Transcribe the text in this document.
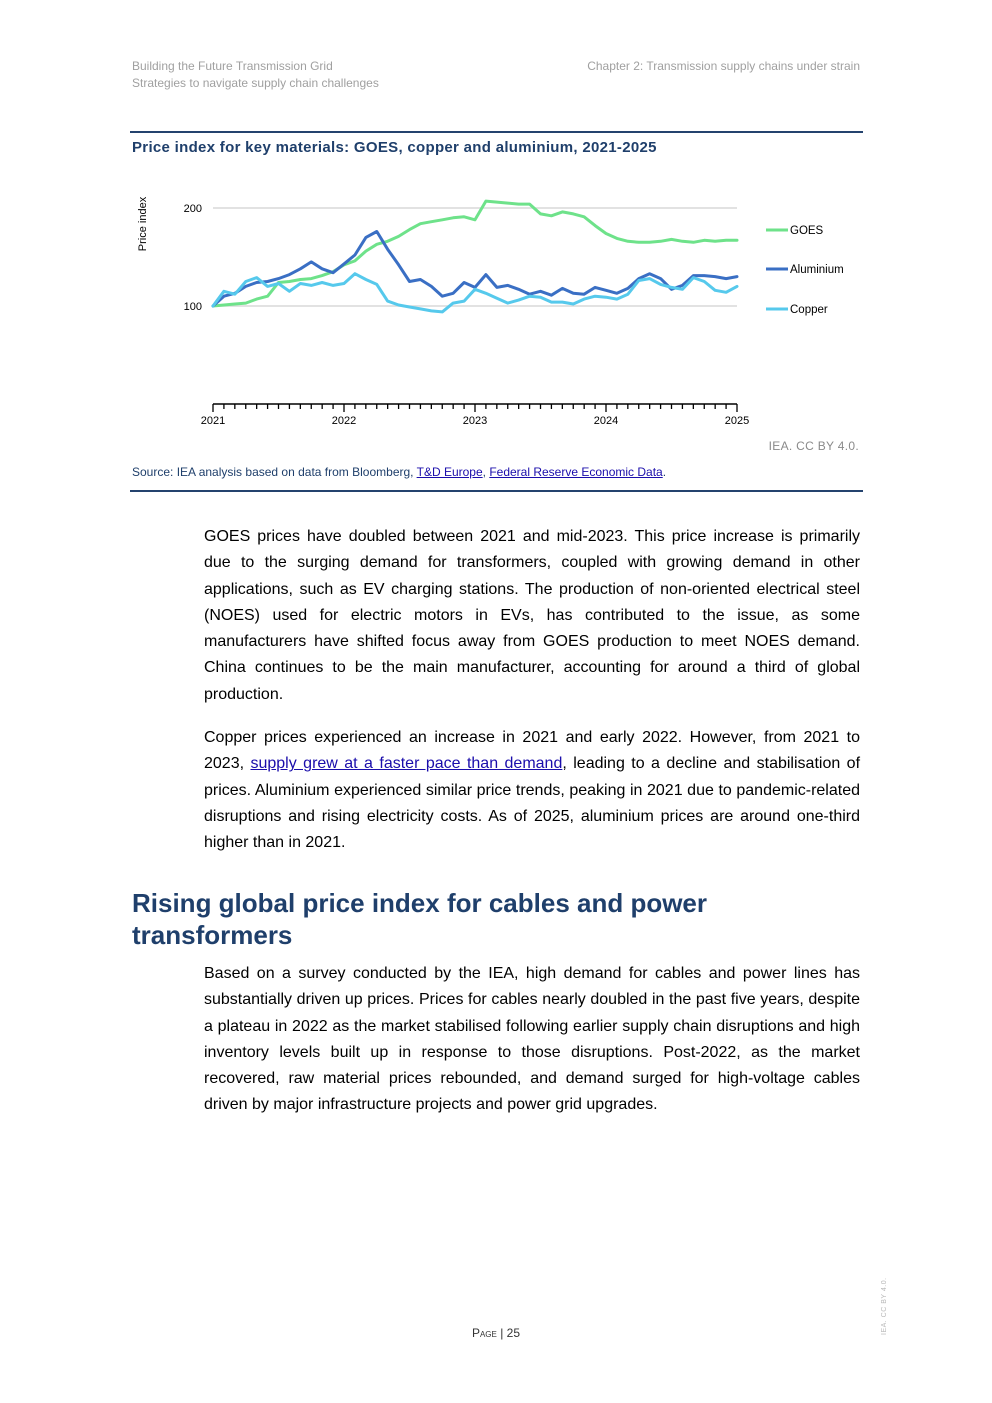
Building the Future Transmission Grid
Strategies to navigate supply chain challenges
Chapter 2: Transmission supply chains under strain
Price index for key materials: GOES, copper and aluminium, 2021-2025
Price index
100
200
2021	2022	2023	2024	2025
GOES
Aluminium
Copper
IEA. CC BY 4.0.
Source: IEA analysis based on data from Bloomberg, T&D Europe, Federal Reserve Economic Data.

GOES prices have doubled between 2021 and mid-2023. This price increase is primarily due to the surging demand for transformers, coupled with growing demand in other applications, such as EV charging stations. The production of non-oriented electrical steel (NOES) used for electric motors in EVs, has contributed to the issue, as some manufacturers have shifted focus away from GOES production to meet NOES demand. China continues to be the main manufacturer, accounting for around a third of global production.

Copper prices experienced an increase in 2021 and early 2022. However, from 2021 to 2023, supply grew at a faster pace than demand, leading to a decline and stabilisation of prices. Aluminium experienced similar price trends, peaking in 2021 due to pandemic-related disruptions and rising electricity costs. As of 2025, aluminium prices are around one-third higher than in 2021.

Rising global price index for cables and power transformers

Based on a survey conducted by the IEA, high demand for cables and power lines has substantially driven up prices. Prices for cables nearly doubled in the past five years, despite a plateau in 2022 as the market stabilised following earlier supply chain disruptions and high inventory levels built up in response to those disruptions. Post-2022, as the market recovered, raw material prices rebounded, and demand surged for high-voltage cables driven by major infrastructure projects and power grid upgrades.

Page | 25	IEA. CC BY 4.0.
